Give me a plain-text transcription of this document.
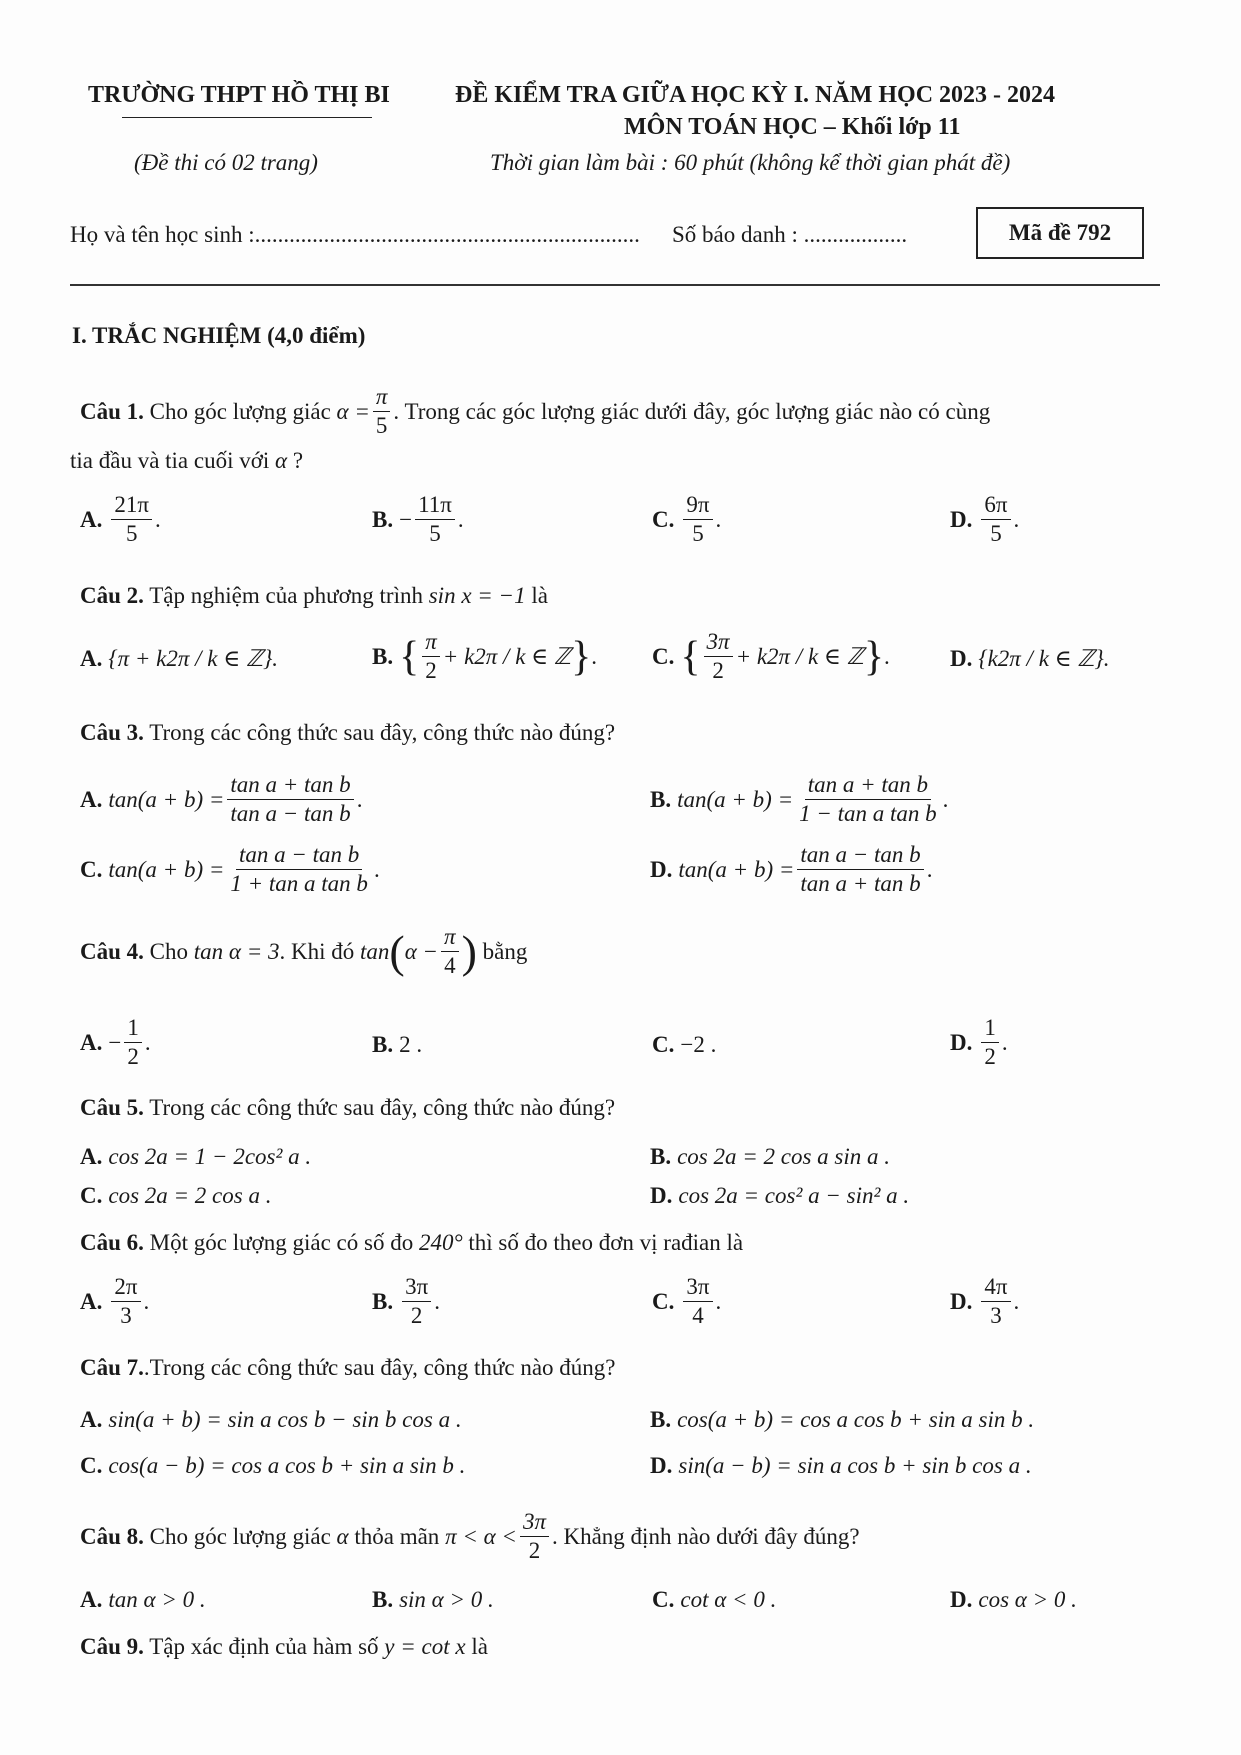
TRƯỜNG THPT HỒ THỊ BI	ĐỀ KIỂM TRA GIỮA HỌC KỲ I. NĂM HỌC 2023 - 2024
MÔN TOÁN HỌC – Khối lớp 11
(Đề thi có 02 trang)	Thời gian làm bài : 60 phút (không kể thời gian phát đề)
Họ và tên học sinh :................................................................... Số báo danh : ..................	Mã đề 792
I. TRẮC NGHIỆM (4,0 điểm)
Câu 1.
Cho góc lượng giác
$\alpha = \frac{\pi}{5}$ . Trong các góc lượng giác dưới đây, góc lượng giác nào có cùng
tia đầu và tia cuối với α ?
A. $\frac{21\pi}{5}$ .	B. − $\frac{11\pi}{5}$ .	C. $\frac{9\pi}{5}$ .	D. $\frac{6\pi}{5}$ .
Câu 2. Tập nghiệm của phương trình sin x = −1 là
A. {π + k2π / k ∈ ℤ}.	B. { $\frac{\pi}{2} + k2\pi / k$ ∈ ℤ } . C. { $\frac{3\pi}{2} + k2\pi / k$ ∈ ℤ } .	D. {k2π / k ∈ ℤ}.
Câu 3. Trong các công thức sau đây, công thức nào đúng?
A. $\tan(a + b) = \frac{\text{tan a + tan b}}{\text{tan a − tan b}}$ .	B. $\tan(a + b) = \frac{\text{tan a + tan b}}{\text{1 − tan a tan b}}$ .
C. $\tan(a + b) = \frac{\text{tan a − tan b}}{\text{1 + tan a tan b}}$ .	D. $\tan(a + b) = \frac{\text{tan a − tan b}}{\text{tan a + tan b}}$ .
Câu 4.
Cho
tan α = 3 . Khi đó
tan ( $\alpha - \frac{\pi}{4}$ )
bằng
A. − $\frac{1}{2}$ .	B. 2 .	C. −2 .	D. $\frac{1}{2}$ .
Câu 5. Trong các công thức sau đây, công thức nào đúng?
A. cos 2a = 1 − 2cos² a .	B. cos 2a = 2 cos a sin a .
C. cos 2a = 2 cos a .	D. cos 2a = cos² a − sin² a .
Câu 6. Một góc lượng giác có số đo 240° thì số đo theo đơn vị rađian là
A. $\frac{2\pi}{3}$ .	B. $\frac{3\pi}{2}$ .	C. $\frac{3\pi}{4}$ .	D. $\frac{4\pi}{3}$ .
Câu 7..Trong các công thức sau đây, công thức nào đúng?
A. sin(a + b) = sin a cos b − sin b cos a .	B. cos(a + b) = cos a cos b + sin a sin b .
C. cos(a − b) = cos a cos b + sin a sin b .	D. sin(a − b) = sin a cos b + sin b cos a .
Câu 8.
Cho góc lượng giác
α
thỏa mãn
$\pi < \alpha < \frac{3\pi}{2}$ . Khẳng định nào dưới đây đúng?
A. tan α > 0 .	B. sin α > 0 .	C. cot α < 0 .	D. cos α > 0 .
Câu 9. Tập xác định của hàm số y = cot x là
